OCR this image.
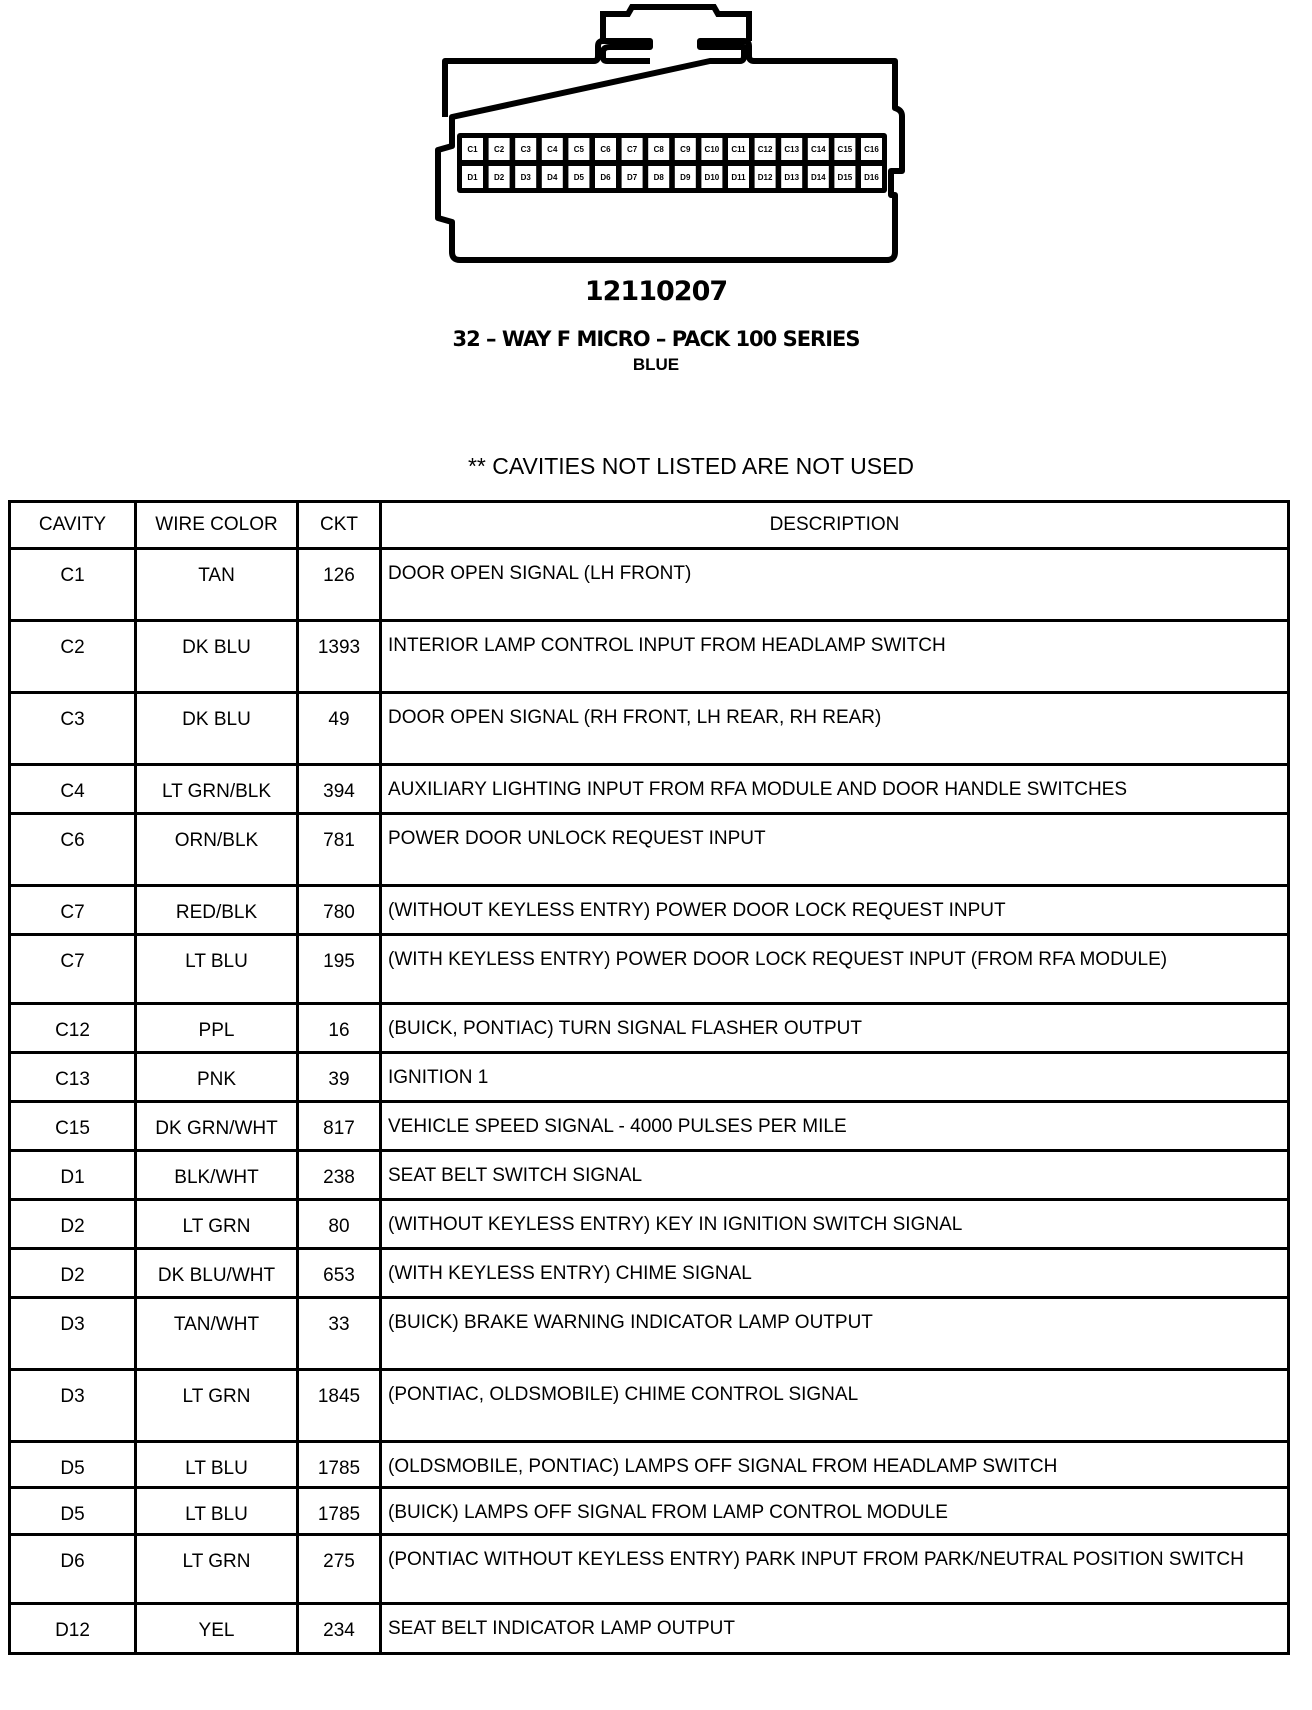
C1 C2 C3 C4 C5 C6 C7 C8 C9 C10 C11 C12 C13 C14 C15 C16
D1 D2 D3 D4 D5 D6 D7 D8 D9 D10 D11 D12 D13 D14 D15 D16
12110207
32 – WAY F MICRO – PACK 100 SERIES
BLUE
** CAVITIES NOT LISTED ARE NOT USED
CAVITY	WIRE COLOR	CKT	DESCRIPTION
C1	TAN	126	DOOR OPEN SIGNAL (LH FRONT)
C2	DK BLU	1393	INTERIOR LAMP CONTROL INPUT FROM HEADLAMP SWITCH
C3	DK BLU	49	DOOR OPEN SIGNAL (RH FRONT, LH REAR, RH REAR)
C4	LT GRN/BLK	394	AUXILIARY LIGHTING INPUT FROM RFA MODULE AND DOOR HANDLE SWITCHES
C6	ORN/BLK	781	POWER DOOR UNLOCK REQUEST INPUT
C7	RED/BLK	780	(WITHOUT KEYLESS ENTRY) POWER DOOR LOCK REQUEST INPUT
C7	LT BLU	195	(WITH KEYLESS ENTRY) POWER DOOR LOCK REQUEST INPUT (FROM RFA MODULE)
C12	PPL	16	(BUICK, PONTIAC) TURN SIGNAL FLASHER OUTPUT
C13	PNK	39	IGNITION 1
C15	DK GRN/WHT	817	VEHICLE SPEED SIGNAL - 4000 PULSES PER MILE
D1	BLK/WHT	238	SEAT BELT SWITCH SIGNAL
D2	LT GRN	80	(WITHOUT KEYLESS ENTRY) KEY IN IGNITION SWITCH SIGNAL
D2	DK BLU/WHT	653	(WITH KEYLESS ENTRY) CHIME SIGNAL
D3	TAN/WHT	33	(BUICK) BRAKE WARNING INDICATOR LAMP OUTPUT
D3	LT GRN	1845	(PONTIAC, OLDSMOBILE) CHIME CONTROL SIGNAL
D5	LT BLU	1785	(OLDSMOBILE, PONTIAC) LAMPS OFF SIGNAL FROM HEADLAMP SWITCH
D5	LT BLU	1785	(BUICK) LAMPS OFF SIGNAL FROM LAMP CONTROL MODULE
D6	LT GRN	275	(PONTIAC WITHOUT KEYLESS ENTRY) PARK INPUT FROM PARK/NEUTRAL POSITION SWITCH
D12	YEL	234	SEAT BELT INDICATOR LAMP OUTPUT
